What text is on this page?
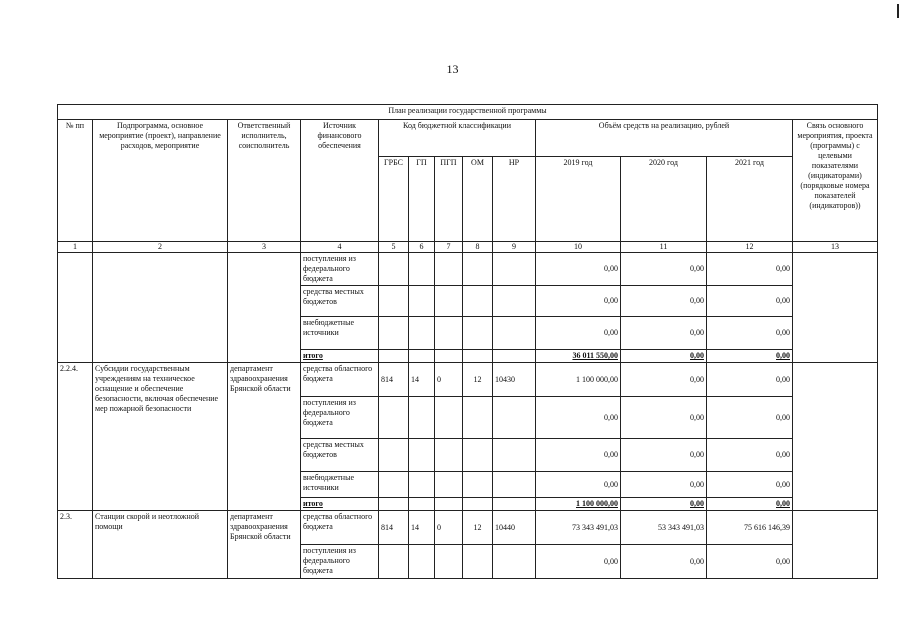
13
План реализации государственной программы												
№ пп	Подпрограмма, основное мероприятие (проект), направление расходов, мероприятие	Ответственный исполнитель, соисполнитель	Источник финансового обеспечения	Код бюджетной классификации					Объём средств на реализацию, рублей			Связь основного мероприятия, проекта (программы) с целевыми показателями (индикаторами) (порядковые номера показателей (индикаторов))
				ГРБС	ГП	ПГП	ОМ	НР	2019 год	2020 год	2021 год	
1	2	3	4	5	6	7	8	9	10	11	12	13
			поступления из федерального бюджета						0,00	0,00	0,00	
			средства местных бюджетов						0,00	0,00	0,00	
			внебюджетные источники						0,00	0,00	0,00	
			итого						36 011 550,00	0,00	0,00	
2.2.4.	Субсидии государственным учреждениям на техническое оснащение и обеспечение безопасности, включая обеспечение мер пожарной безопасности	департамент здравоохранения Брянской области	средства областного бюджета	814	14	0	12	10430	1 100 000,00	0,00	0,00	
			поступления из федерального бюджета						0,00	0,00	0,00	
			средства местных бюджетов						0,00	0,00	0,00	
			внебюджетные источники						0,00	0,00	0,00	
			итого						1 100 000,00	0,00	0,00	
2.3.	Станции скорой и неотложной помощи	департамент здравоохранения Брянской области	средства областного бюджета	814	14	0	12	10440	73 343 491,03	53 343 491,03	75 616 146,39	
			поступления из федерального бюджета						0,00	0,00	0,00	
